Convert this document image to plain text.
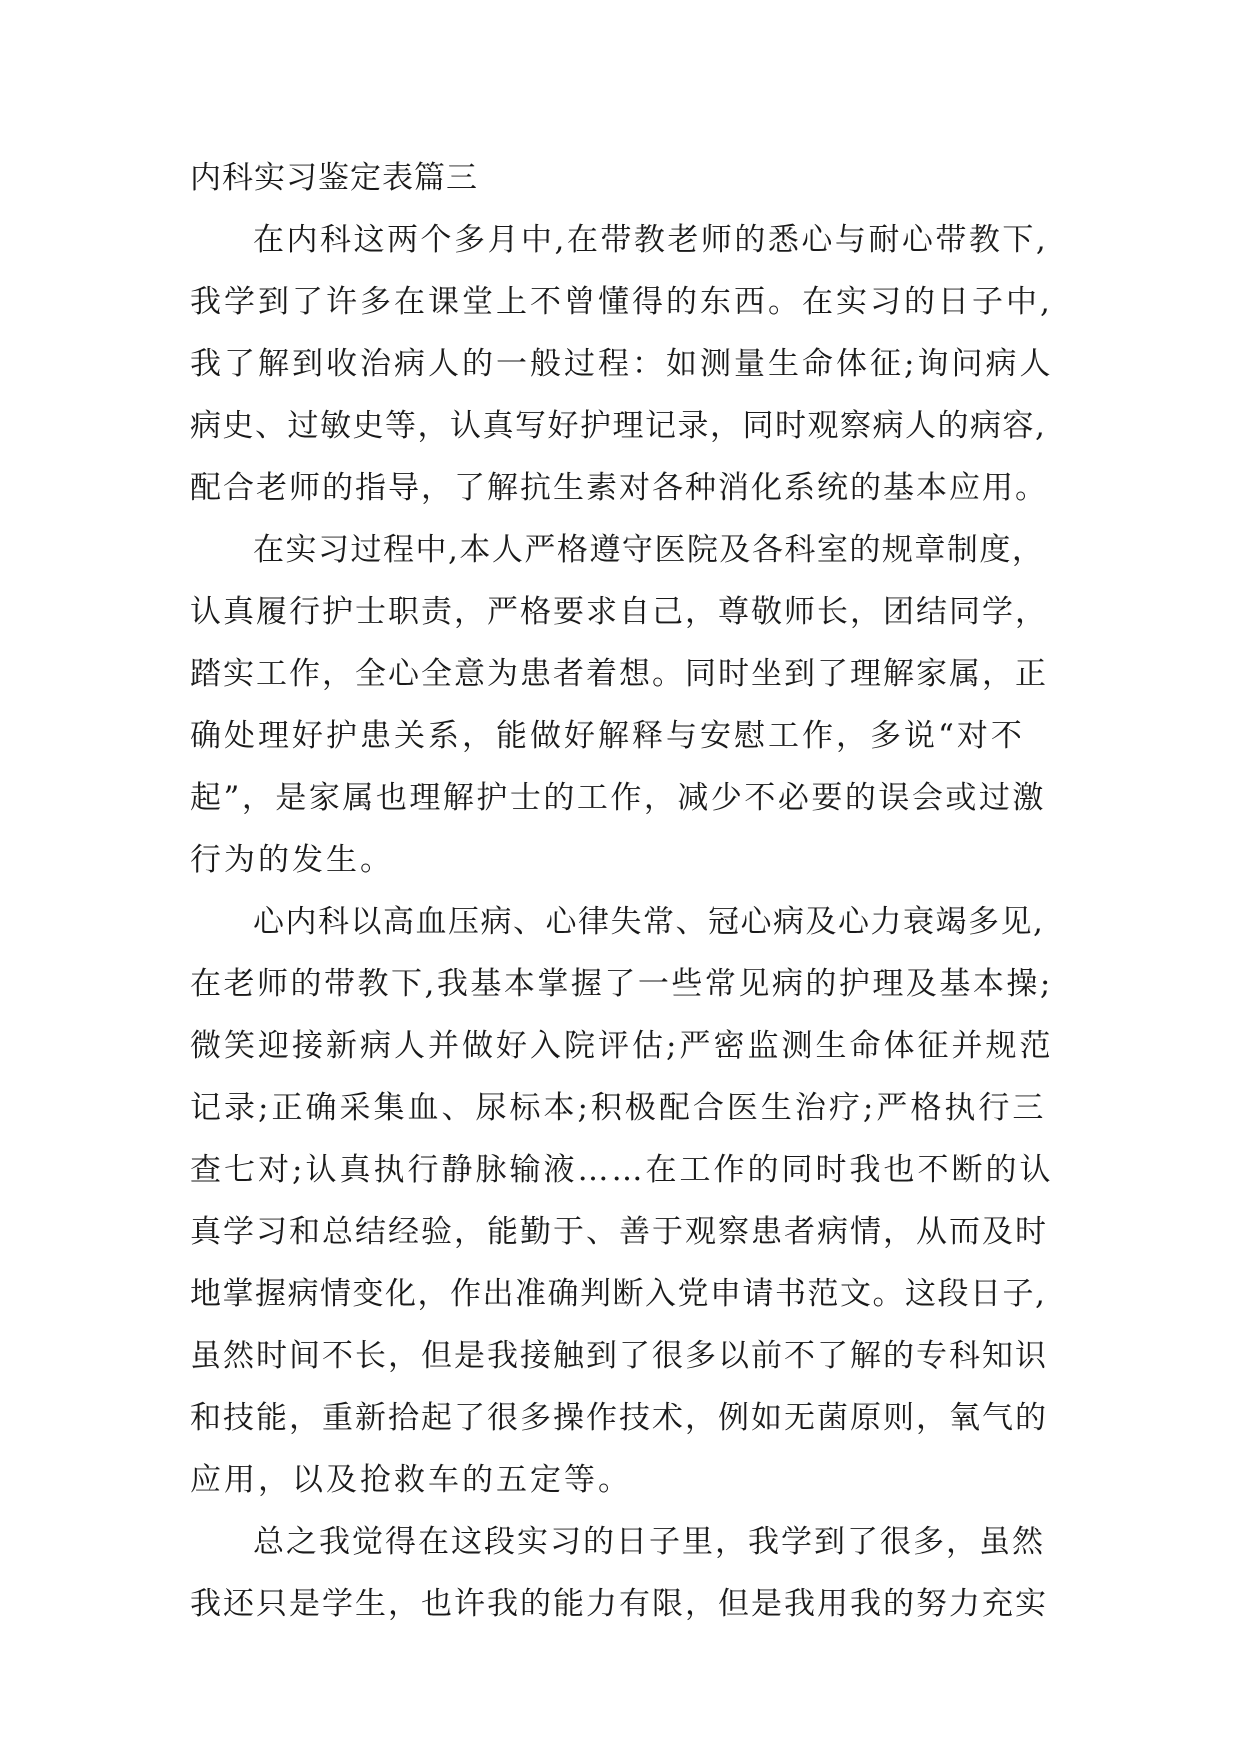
内科实习鉴定表篇三
在内科这两个多月中,在带教老师的悉心与耐心带教下,
我学到了许多在课堂上不曾懂得的东西。在实习的日子中,
我了解到收治病人的一般过程：如测量生命体征;询问病人
病史、过敏史等，认真写好护理记录，同时观察病人的病容,
配合老师的指导，了解抗生素对各种消化系统的基本应用。
在实习过程中,本人严格遵守医院及各科室的规章制度，
认真履行护士职责，严格要求自己，尊敬师长，团结同学，
踏实工作，全心全意为患者着想。同时坐到了理解家属，正
确处理好护患关系，能做好解释与安慰工作，多说“对不
起”，是家属也理解护士的工作，减少不必要的误会或过激
行为的发生。
心内科以高血压病、心律失常、冠心病及心力衰竭多见,
在老师的带教下,我基本掌握了一些常见病的护理及基本操;
微笑迎接新病人并做好入院评估;严密监测生命体征并规范
记录;正确采集血、尿标本;积极配合医生治疗;严格执行三
查七对;认真执行静脉输液……在工作的同时我也不断的认
真学习和总结经验，能勤于、善于观察患者病情，从而及时
地掌握病情变化，作出准确判断入党申请书范文。这段日子,
虽然时间不长，但是我接触到了很多以前不了解的专科知识
和技能，重新拾起了很多操作技术，例如无菌原则，氧气的
应用，以及抢救车的五定等。
总之我觉得在这段实习的日子里，我学到了很多，虽然
我还只是学生，也许我的能力有限，但是我用我的努力充实
